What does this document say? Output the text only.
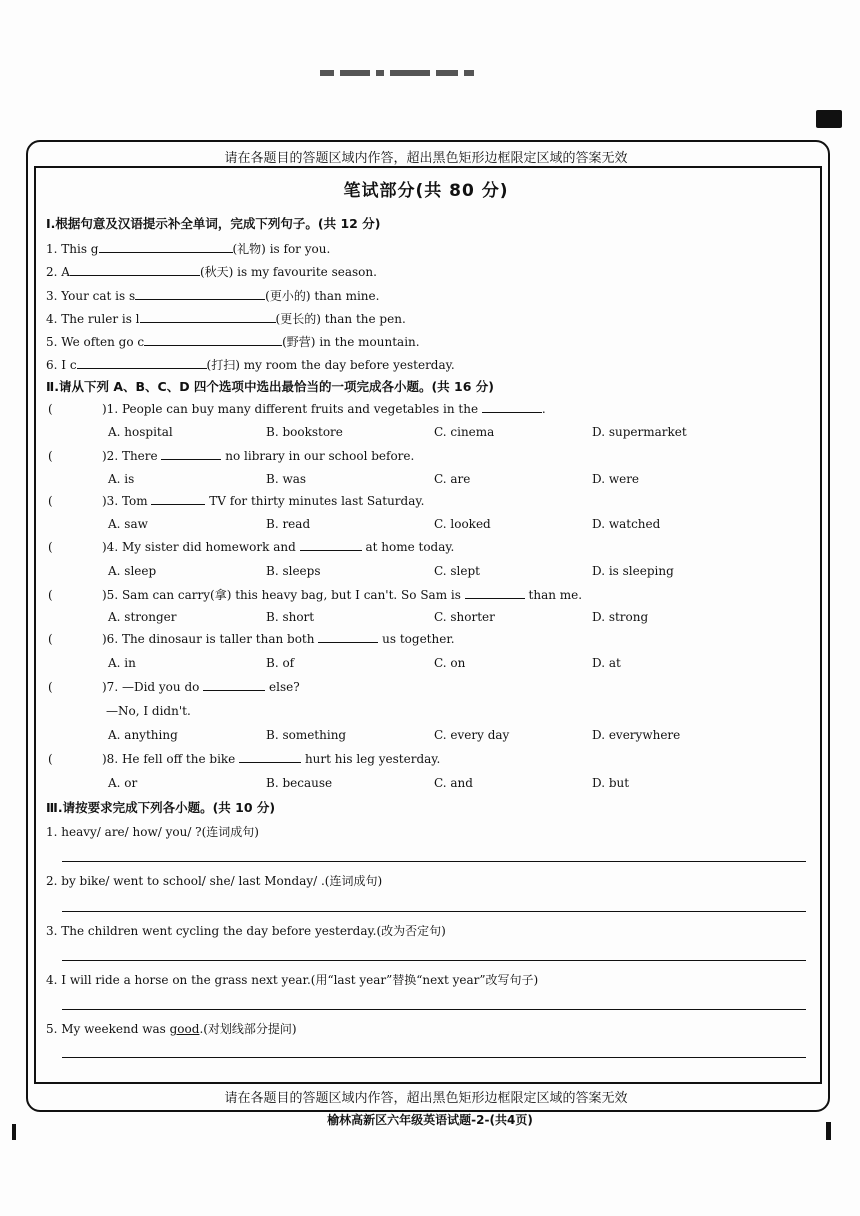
请在各题目的答题区域内作答，超出黑色矩形边框限定区域的答案无效
笔试部分(共 80 分)
Ⅰ.根据句意及汉语提示补全单词，完成下列句子。(共 12 分)
1. This g	(礼物) is for you.
2. A	(秋天) is my favourite season.
3. Your cat is s	(更小的) than mine.
4. The ruler is l	(更长的) than the pen.
5. We often go c	(野营) in the mountain.
6. I c	(打扫) my room the day before yesterday.
Ⅱ.请从下列 A、B、C、D 四个选项中选出最恰当的一项完成各小题。(共 16 分)
(	)1. People can buy many different fruits and vegetables in the	.
A. hospital	B. bookstore	C. cinema	D. supermarket
(	)2. There	no library in our school before.
A. is	B. was	C. are	D. were
(	)3. Tom	TV for thirty minutes last Saturday.
A. saw	B. read	C. looked	D. watched
(	)4. My sister did homework and	at home today.
A. sleep	B. sleeps	C. slept	D. is sleeping
(	)5. Sam can carry(拿) this heavy bag, but I can't. So Sam is	than me.
A. stronger	B. short	C. shorter	D. strong
(	)6. The dinosaur is taller than both	us together.
A. in	B. of	C. on	D. at
(	)7. —Did you do	else?
—No, I didn't.
A. anything	B. something	C. every day	D. everywhere
(	)8. He fell off the bike	hurt his leg yesterday.
A. or	B. because	C. and	D. but
Ⅲ.请按要求完成下列各小题。(共 10 分)
1. heavy/ are/ how/ you/ ?(连词成句)
2. by bike/ went to school/ she/ last Monday/ .(连词成句)
3. The children went cycling the day before yesterday.(改为否定句)
4. I will ride a horse on the grass next year.(用“last year”替换“next year”改写句子)
5. My weekend was good.(对划线部分提问)
请在各题目的答题区域内作答，超出黑色矩形边框限定区域的答案无效
榆林高新区六年级英语试题-2-(共4页)
